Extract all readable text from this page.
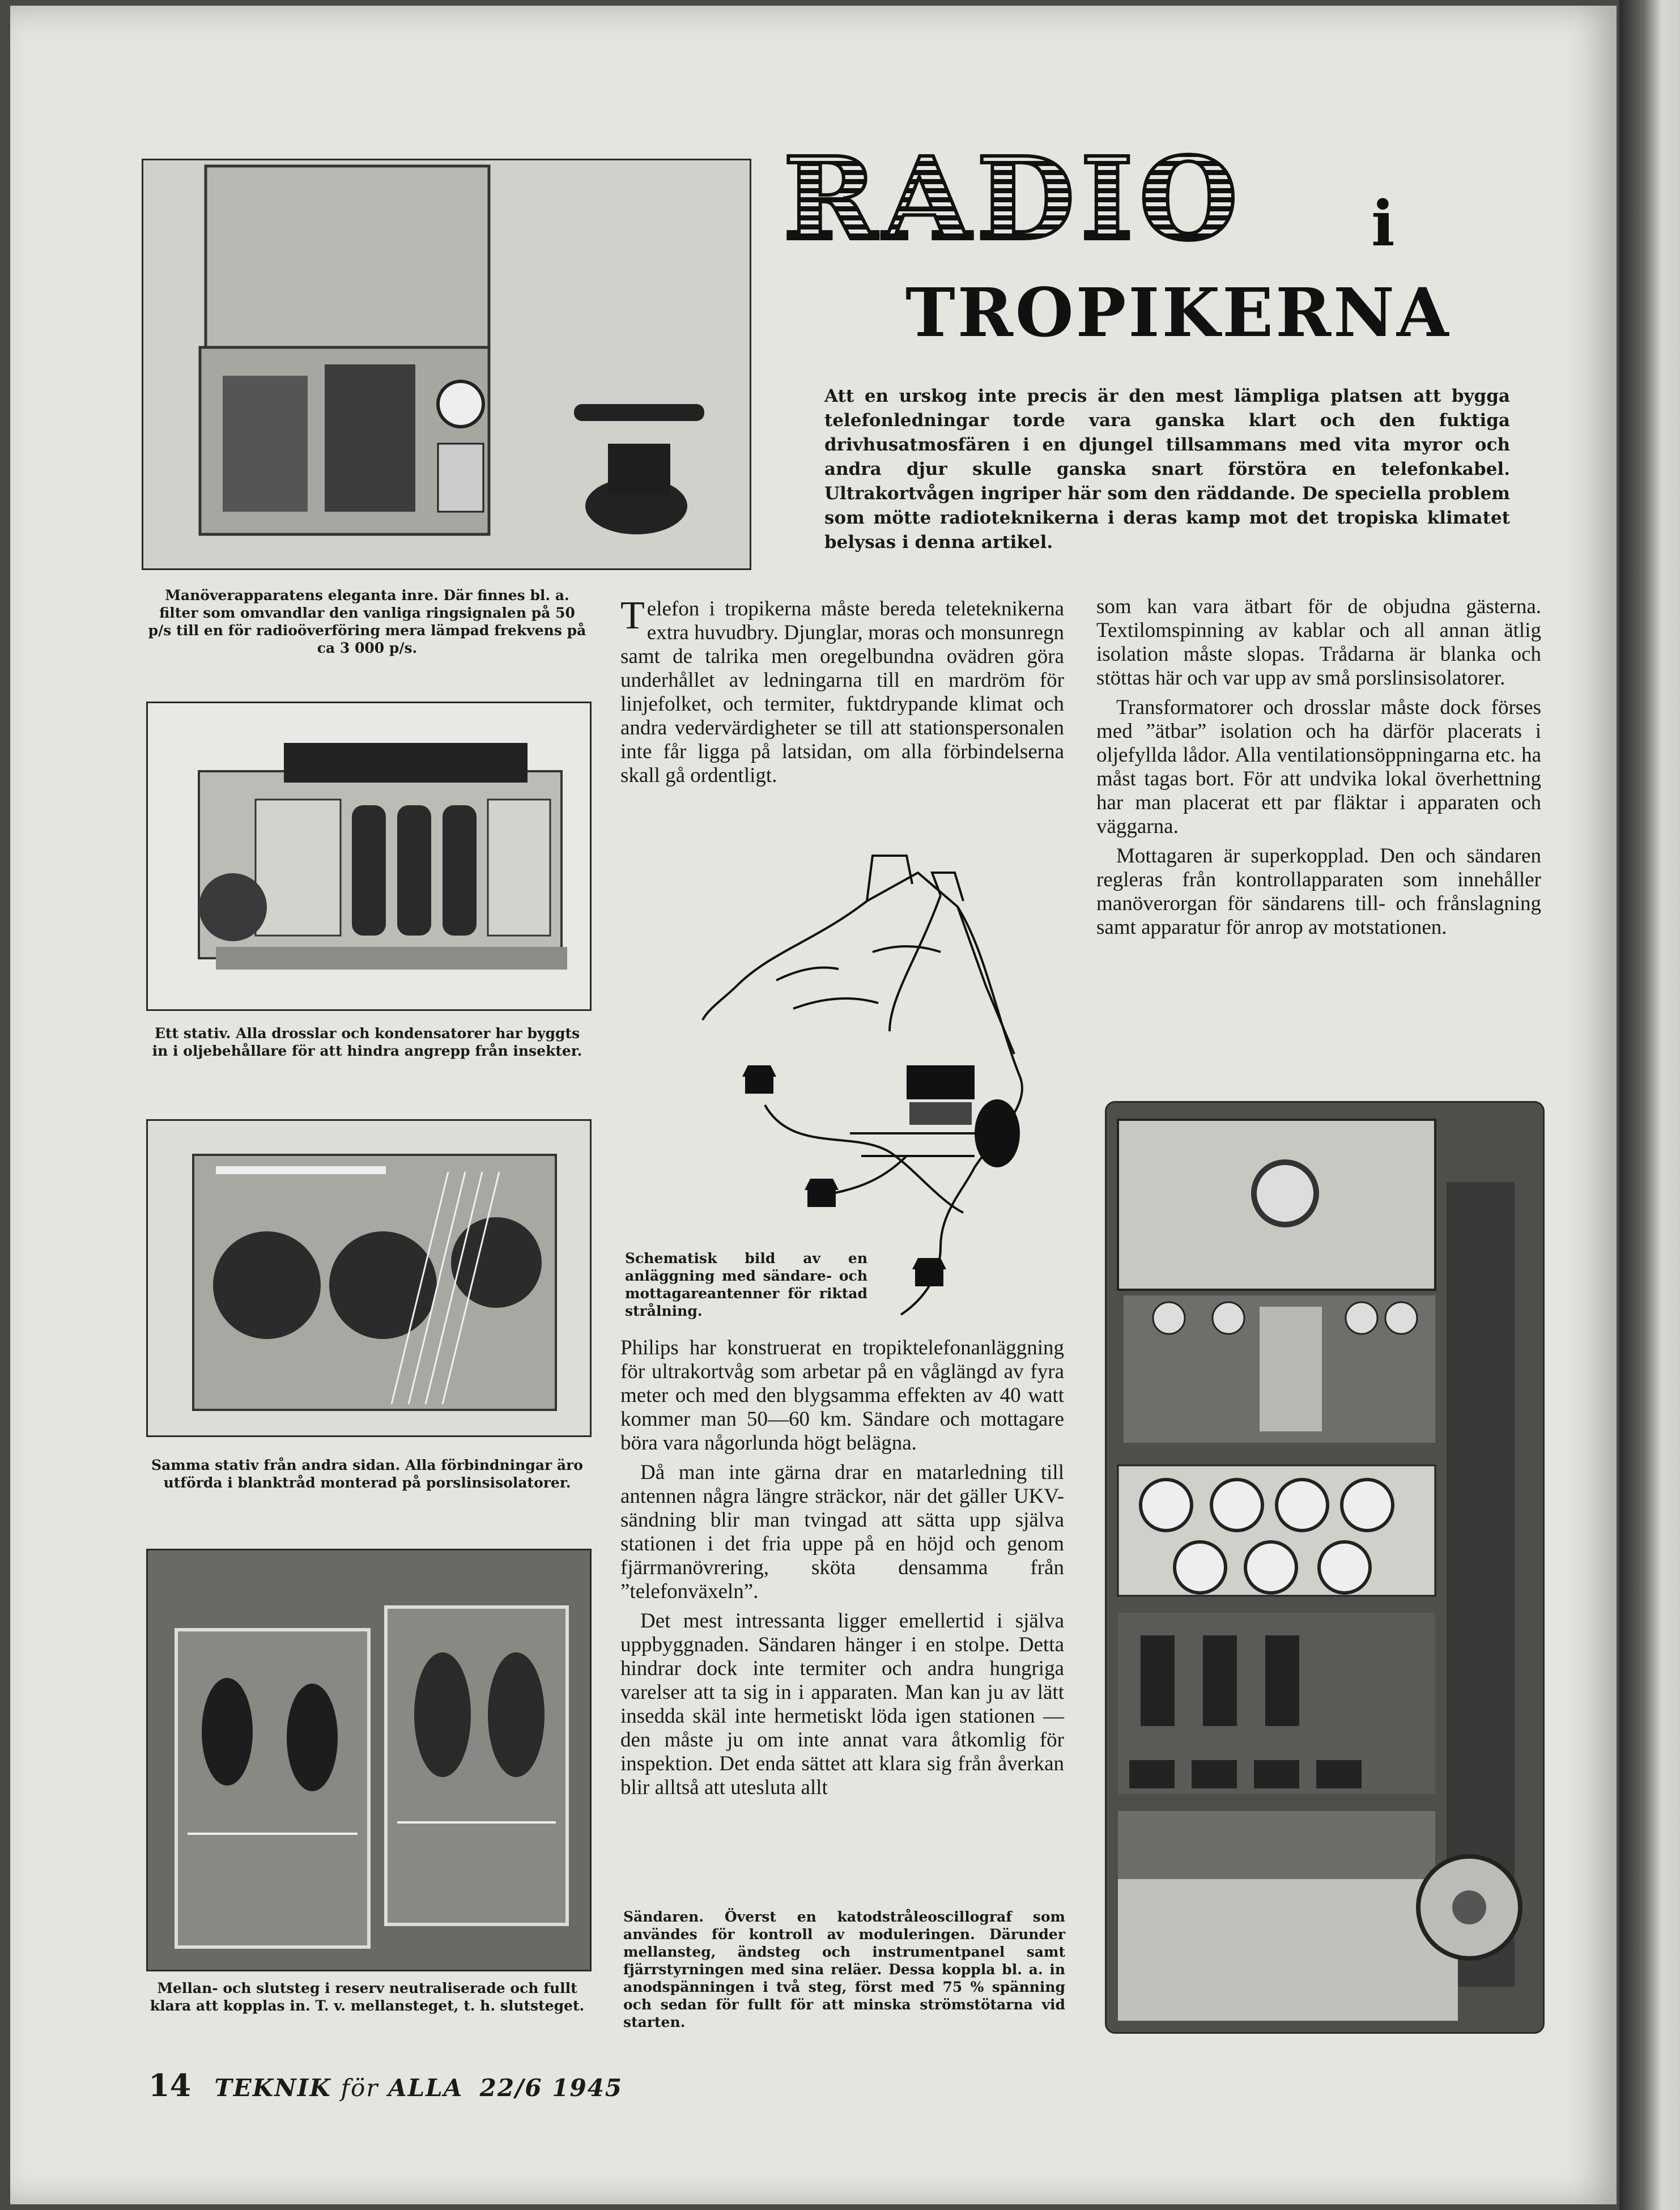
RADIO i
TROPIKERNA
Att en urskog inte precis är den mest lämpliga platsen att bygga telefonledningar torde vara ganska klart och den fuktiga drivhusatmosfären i en djungel tillsammans med vita myror och andra djur skulle ganska snart förstöra en telefonkabel. Ultrakortvågen ingriper här som den räddande. De speciella problem som mötte radioteknikerna i deras kamp mot det tropiska klimatet belysas i denna artikel.
Manöverapparatens eleganta inre. Där finnes bl. a. filter som omvandlar den vanliga ringsignalen på 50 p/s till en för radioöverföring mera lämpad frekvens på ca 3 000 p/s.
Ett stativ. Alla drosslar och kondensatorer har byggts in i oljebehållare för att hindra angrepp från insekter.
Samma stativ från andra sidan. Alla förbindningar äro utförda i blanktråd monterad på porslinsisolatorer.
Mellan- och slutsteg i reserv neutraliserade och fullt klara att kopplas in. T. v. mellansteget, t. h. slutsteget.

Telefon i tropikerna måste bereda teleteknikerna extra huvudbry. Djunglar, moras och monsunregn samt de talrika men oregelbundna ovädren göra underhållet av ledningarna till en mardröm för linjefolket, och termiter, fuktdrypande klimat och andra vedervärdigheter se till att stationspersonalen inte får ligga på latsidan, om alla förbindelserna skall gå ordentligt.

Schematisk bild av en anläggning med sändare- och mottagareantenner för riktad strålning.

Philips har konstruerat en tropiktelefonanläggning för ultrakortvåg som arbetar på en våglängd av fyra meter och med den blygsamma effekten av 40 watt kommer man 50—60 km. Sändare och mottagare böra vara någorlunda högt belägna.

Då man inte gärna drar en matarledning till antennen några längre sträckor, när det gäller UKV-sändning blir man tvingad att sätta upp själva stationen i det fria uppe på en höjd och genom fjärrmanövrering, sköta densamma från ”telefonväxeln”.

Det mest intressanta ligger emellertid i själva uppbyggnaden. Sändaren hänger i en stolpe. Detta hindrar dock inte termiter och andra hungriga varelser att ta sig in i apparaten. Man kan ju av lätt insedda skäl inte hermetiskt löda igen stationen — den måste ju om inte annat vara åtkomlig för inspektion. Det enda sättet att klara sig från åverkan blir alltså att utesluta allt

Sändaren. Överst en katodstråleoscillograf som användes för kontroll av moduleringen. Därunder mellansteg, ändsteg och instrumentpanel samt fjärrstyrningen med sina reläer. Dessa koppla bl. a. in anodspänningen i två steg, först med 75 % spänning och sedan för fullt för att minska strömstötarna vid starten.

som kan vara ätbart för de objudna gästerna. Textilomspinning av kablar och all annan ätlig isolation måste slopas. Trådarna är blanka och stöttas här och var upp av små porslinsisolatorer.

Transformatorer och drosslar måste dock förses med ”ätbar” isolation och ha därför placerats i oljefyllda lådor. Alla ventilationsöppningarna etc. ha måst tagas bort. För att undvika lokal överhettning har man placerat ett par fläktar i apparaten och väggarna.

Mottagaren är superkopplad. Den och sändaren regleras från kontrollapparaten som innehåller manöverorgan för sändarens till- och frånslagning samt apparatur för anrop av motstationen.

14 TEKNIK för ALLA 22/6 1945
